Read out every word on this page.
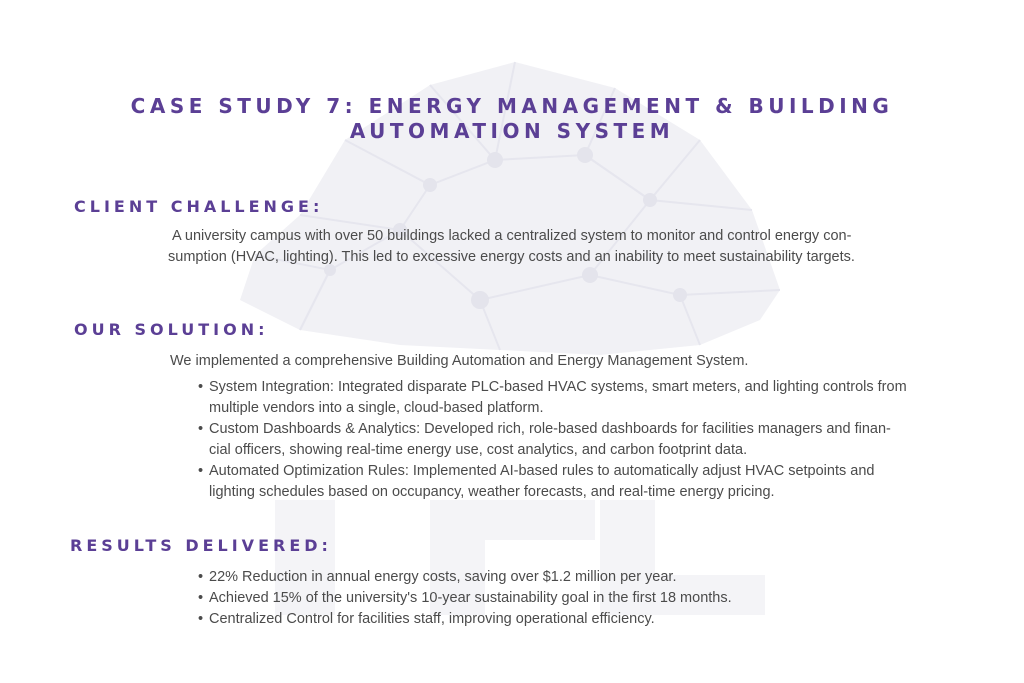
CASE STUDY 7: ENERGY MANAGEMENT & BUILDING
AUTOMATION SYSTEM
CLIENT CHALLENGE:

A university campus with over 50 buildings lacked a centralized system to monitor and control energy con-
sumption (HVAC, lighting). This led to excessive energy costs and an inability to meet sustainability targets.

OUR SOLUTION:

We implemented a comprehensive Building Automation and Energy Management System.

• System Integration: Integrated disparate PLC-based HVAC systems, smart meters, and lighting controls from
multiple vendors into a single, cloud-based platform.
• Custom Dashboards & Analytics: Developed rich, role-based dashboards for facilities managers and finan-
cial officers, showing real-time energy use, cost analytics, and carbon footprint data.
• Automated Optimization Rules: Implemented AI-based rules to automatically adjust HVAC setpoints and
lighting schedules based on occupancy, weather forecasts, and real-time energy pricing.
RESULTS DELIVERED:
• 22% Reduction in annual energy costs, saving over $1.2 million per year.
• Achieved 15% of the university's 10-year sustainability goal in the first 18 months.
• Centralized Control for facilities staff, improving operational efficiency.
